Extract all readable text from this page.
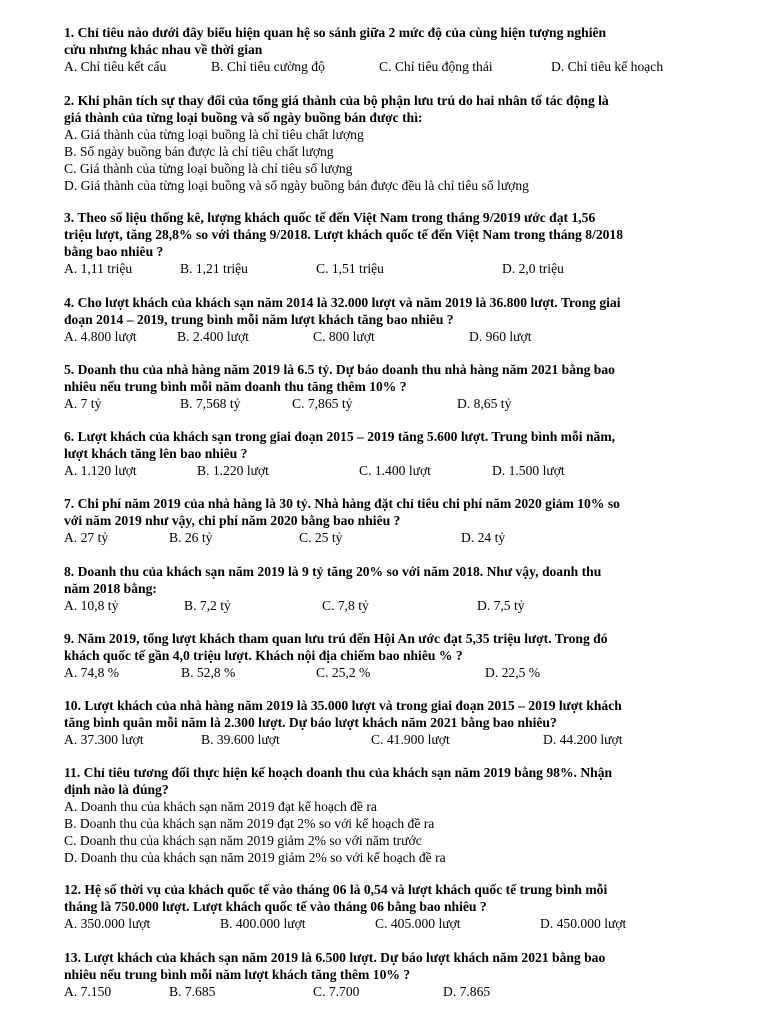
1. Chỉ tiêu nào dưới đây biểu hiện quan hệ so sánh giữa 2 mức độ của cùng hiện tượng nghiên
cứu nhưng khác nhau về thời gian
A. Chỉ tiêu kết cấu	B. Chỉ tiêu cường độ	C. Chỉ tiêu động thái	D. Chỉ tiêu kế hoạch
2. Khi phân tích sự thay đổi của tổng giá thành của bộ phận lưu trú do hai nhân tố tác động là
giá thành của từng loại buồng và số ngày buồng bán được thì:
A. Giá thành của từng loại buồng là chỉ tiêu chất lượng
B. Số ngày buồng bán được là chỉ tiêu chất lượng
C. Giá thành của từng loại buồng là chỉ tiêu số lượng
D. Giá thành của từng loại buồng và số ngày buồng bán được đều là chỉ tiêu số lượng
3. Theo số liệu thống kê, lượng khách quốc tế đến Việt Nam trong tháng 9/2019 ước đạt 1,56
triệu lượt, tăng 28,8% so với tháng 9/2018. Lượt khách quốc tế đến Việt Nam trong tháng 8/2018
bằng bao nhiêu ?
A. 1,11 triệu	B. 1,21 triệu	C. 1,51 triệu	D. 2,0 triệu
4. Cho lượt khách của khách sạn năm 2014 là 32.000 lượt và năm 2019 là 36.800 lượt. Trong giai
đoạn 2014 – 2019, trung bình mỗi năm lượt khách tăng bao nhiêu ?
A. 4.800 lượt	B. 2.400 lượt	C. 800 lượt	D. 960 lượt
5. Doanh thu của nhà hàng năm 2019 là 6.5 tỷ. Dự báo doanh thu nhà hàng năm 2021 bằng bao
nhiêu nếu trung bình mỗi năm doanh thu tăng thêm 10% ?
A. 7 tỷ	B. 7,568 tỷ	C. 7,865 tỷ	D. 8,65 tỷ
6. Lượt khách của khách sạn trong giai đoạn 2015 – 2019 tăng 5.600 lượt. Trung bình mỗi năm,
lượt khách tăng lên bao nhiêu ?
A. 1.120 lượt	B. 1.220 lượt	C. 1.400 lượt	D. 1.500 lượt
7. Chi phí năm 2019 của nhà hàng là 30 tỷ. Nhà hàng đặt chỉ tiêu chi phí năm 2020 giảm 10% so
với năm 2019 như vậy, chi phí năm 2020 bằng bao nhiêu ?
A. 27 tỷ	B. 26 tỷ	C. 25 tỷ	D. 24 tỷ
8. Doanh thu của khách sạn năm 2019 là 9 tỷ tăng 20% so với năm 2018. Như vậy, doanh thu
năm 2018 bằng:
A. 10,8 tỷ	B. 7,2 tỷ	C. 7,8 tỷ	D. 7,5 tỷ
9. Năm 2019, tổng lượt khách tham quan lưu trú đến Hội An ước đạt 5,35 triệu lượt. Trong đó
khách quốc tế gần 4,0 triệu lượt. Khách nội địa chiếm bao nhiêu % ?
A. 74,8 %	B. 52,8 %	C. 25,2 %	D. 22,5 %
10. Lượt khách của nhà hàng năm 2019 là 35.000 lượt và trong giai đoạn 2015 – 2019 lượt khách
tăng bình quân mỗi năm là 2.300 lượt. Dự báo lượt khách năm 2021 bằng bao nhiêu?
A. 37.300 lượt	B. 39.600 lượt	C. 41.900 lượt	D. 44.200 lượt
11. Chỉ tiêu tương đối thực hiện kế hoạch doanh thu của khách sạn năm 2019 bằng 98%. Nhận
định nào là đúng?
A. Doanh thu của khách sạn năm 2019 đạt kế hoạch đề ra
B. Doanh thu của khách sạn năm 2019 đạt 2% so với kế hoạch đề ra
C. Doanh thu của khách sạn năm 2019 giảm 2% so với năm trước
D. Doanh thu của khách sạn năm 2019 giảm 2% so với kế hoạch đề ra
12. Hệ số thời vụ của khách quốc tế vào tháng 06 là 0,54 và lượt khách quốc tế trung bình mỗi
tháng là 750.000 lượt. Lượt khách quốc tế vào tháng 06 bằng bao nhiêu ?
A. 350.000 lượt	B. 400.000 lượt	C. 405.000 lượt	D. 450.000 lượt
13. Lượt khách của khách sạn năm 2019 là 6.500 lượt. Dự báo lượt khách năm 2021 bằng bao
nhiêu nếu trung bình mỗi năm lượt khách tăng thêm 10% ?
A. 7.150	B. 7.685	C. 7.700	D. 7.865
